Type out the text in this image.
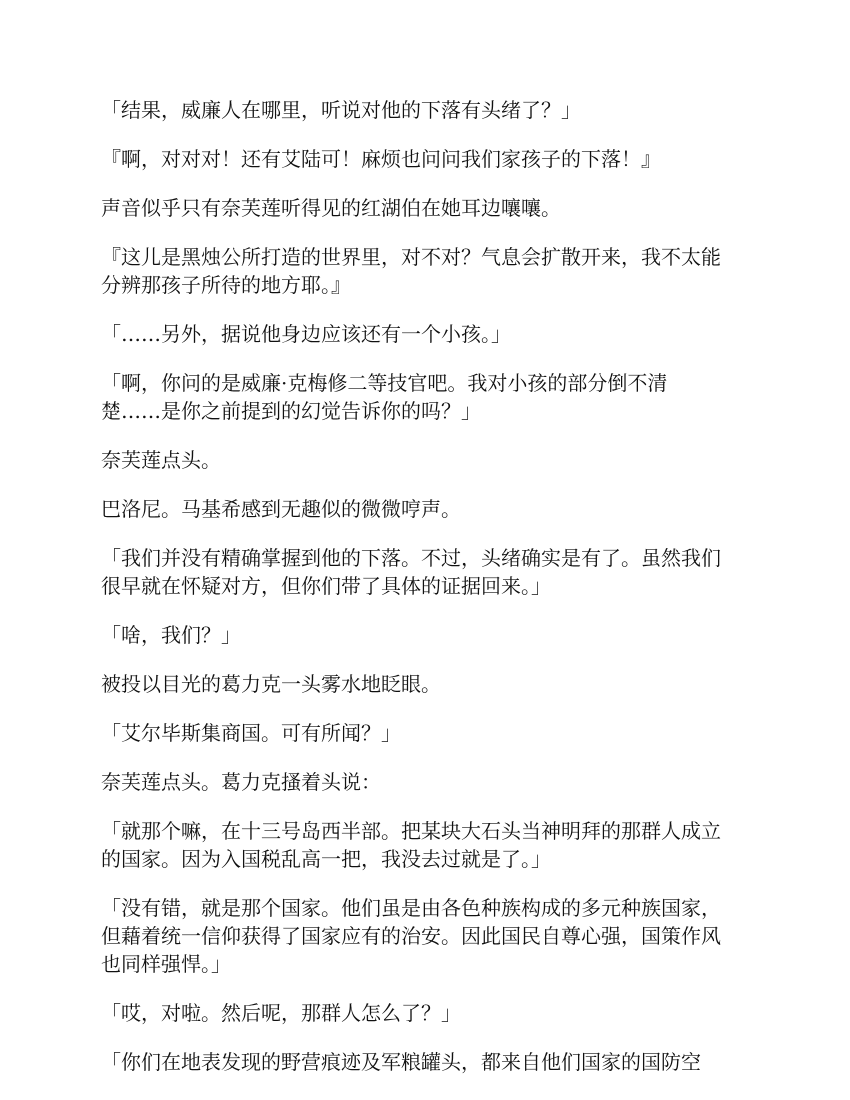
「结果，威廉人在哪里，听说对他的下落有头绪了？」

『啊，对对对！还有艾陆可！麻烦也问问我们家孩子的下落！』

声音似乎只有奈芙莲听得见的红湖伯在她耳边嚷嚷。

『这儿是黑烛公所打造的世界里，对不对？气息会扩散开来，我不太能
分辨那孩子所待的地方耶。』

「……另外，据说他身边应该还有一个小孩。」

「啊，你问的是威廉·克梅修二等技官吧。我对小孩的部分倒不清
楚……是你之前提到的幻觉告诉你的吗？」

奈芙莲点头。

巴洛尼。马基希感到无趣似的微微哼声。

「我们并没有精确掌握到他的下落。不过，头绪确实是有了。虽然我们
很早就在怀疑对方，但你们带了具体的证据回来。」

「啥，我们？」

被投以目光的葛力克一头雾水地眨眼。

「艾尔毕斯集商国。可有所闻？」

奈芙莲点头。葛力克搔着头说：

「就那个嘛，在十三号岛西半部。把某块大石头当神明拜的那群人成立
的国家。因为入国税乱高一把，我没去过就是了。」

「没有错，就是那个国家。他们虽是由各色种族构成的多元种族国家，
但藉着统一信仰获得了国家应有的治安。因此国民自尊心强，国策作风
也同样强悍。」

「哎，对啦。然后呢，那群人怎么了？」

「你们在地表发现的野营痕迹及军粮罐头，都来自他们国家的国防空
